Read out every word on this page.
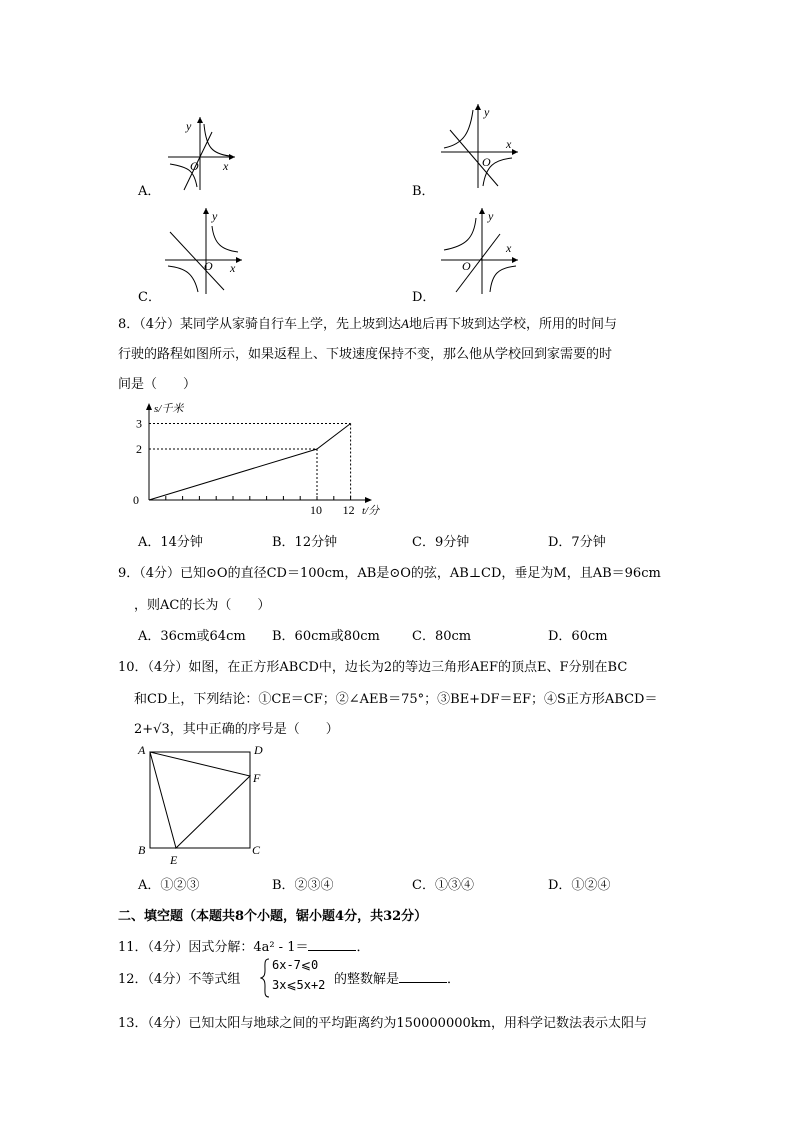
A．
y
x
O
B．
y
x
O
C．
y
x
O
D．
y
x
O
8．（4分）某同学从家骑自行车上学，先上坡到达A地后再下坡到达学校，所用的时间与
行驶的路程如图所示，如果返程上、下坡速度保持不变，那么他从学校回到家需要的时
间是（　　）
0
2
3
10 12
s/千米
t/分
A．14分钟	B．12分钟	C．9分钟	D．7分钟
9．（4分）已知⊙O的直径CD＝100cm，AB是⊙O的弦，AB⊥CD，垂足为M，且AB＝96cm
，则AC的长为（　　）
A．36cm或64cm B．60cm或80cm C．80cm	D．60cm
10．（4分）如图，在正方形ABCD中，边长为2的等边三角形AEF的顶点E、F分别在BC
和CD上，下列结论：①CE＝CF；②∠AEB＝75°；③BE+DF＝EF；④S正方形ABCD＝
2+√3，其中正确的序号是（　　）
A	D
F
B	C
E
A．①②③	B．②③④	C．①③④	D．①②④
二、填空题（本题共8个小题，锯小题4分，共32分）
11．（4分）因式分解：4a² - 1＝	．
12．（4分）不等式组
6x-7⩽0
3x⩽5x+2 的整数解是	．
13．（4分）已知太阳与地球之间的平均距离约为150000000km，用科学记数法表示太阳与
